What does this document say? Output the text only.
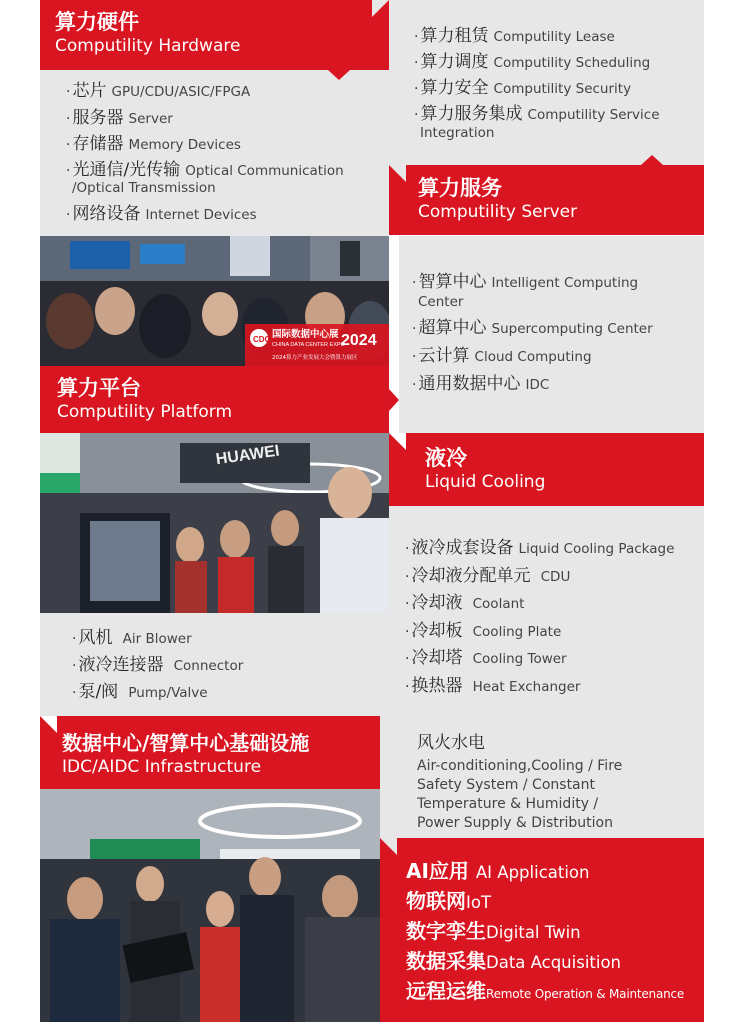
算力硬件
Computility Hardware
· 芯片 GPU/CDU/ASIC/FPGA
· 服务器 Server
· 存储器 Memory Devices
· 光通信/光传输 Optical Communication
/Optical Transmission
· 网络设备 Internet Devices
· 算力租赁 Computility Lease
· 算力调度 Computility Scheduling
· 算力安全 Computility Security
· 算力服务集成 Computility Service
Integration
算力服务
Computility Server
CDCE
国际数据中心展
CHINA DATA CENTER EXPO
2024
2024算力产业发展大会暨算力展区
算力平台
Computility Platform
· 智算中心 Intelligent Computing
Center
· 超算中心 Supercomputing Center
· 云计算 Cloud Computing
· 通用数据中心 IDC
HUAWEI	液冷
Liquid Cooling
· 液冷成套设备 Liquid Cooling Package
· 冷却液分配单元 CDU
· 冷却液 Coolant
· 冷却板 Cooling Plate
· 冷却塔 Cooling Tower
· 换热器 Heat Exchanger
· 风机 Air Blower
· 液冷连接器 Connector
· 泵/阀 Pump/Valve
数据中心/智算中心基础设施
IDC/AIDC Infrastructure
风火水电
Air-conditioning,Cooling / Fire
Safety System / Constant
Temperature & Humidity /
Power Supply & Distribution
AI应用 AI Application
物联网IoT
数字孪生Digital Twin
数据采集Data Acquisition
远程运维Remote Operation & Maintenance
